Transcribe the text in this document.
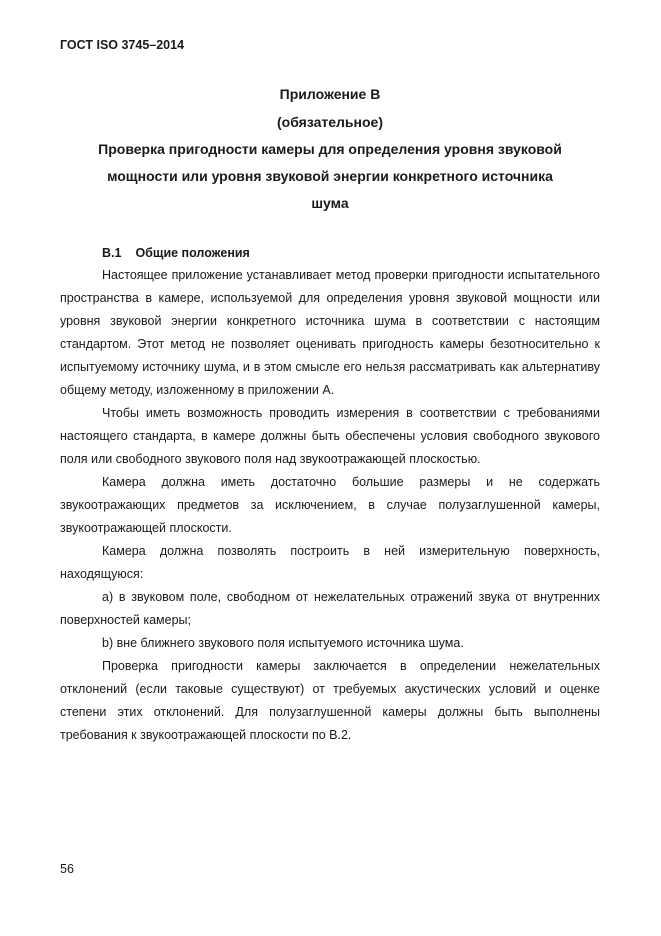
ГОСТ ISO 3745–2014
Приложение В
(обязательное)
Проверка пригодности камеры для определения уровня звуковой
мощности или уровня звуковой энергии конкретного источника
шума
В.1 Общие положения

Настоящее приложение устанавливает метод проверки пригодности испытательного пространства в камере, используемой для определения уровня звуковой мощности или уровня звуковой энергии конкретного источника шума в соответствии с настоящим стандартом. Этот метод не позволяет оценивать пригодность камеры безотносительно к испытуемому источнику шума, и в этом смысле его нельзя рассматривать как альтернативу общему методу, изложенному в приложении А.

Чтобы иметь возможность проводить измерения в соответствии с требованиями настоящего стандарта, в камере должны быть обеспечены условия свободного звукового поля или свободного звукового поля над звукоотражающей плоскостью.

Камера должна иметь достаточно большие размеры и не содержать звукоотражающих предметов за исключением, в случае полузаглушенной камеры, звукоотражающей плоскости.

Камера должна позволять построить в ней измерительную поверхность, находящуюся:

а) в звуковом поле, свободном от нежелательных отражений звука от внутренних поверхностей камеры;

b) вне ближнего звукового поля испытуемого источника шума.

Проверка пригодности камеры заключается в определении нежелательных отклонений (если таковые существуют) от требуемых акустических условий и оценке степени этих отклонений. Для полузаглушенной камеры должны быть выполнены требования к звукоотражающей плоскости по В.2.

56
